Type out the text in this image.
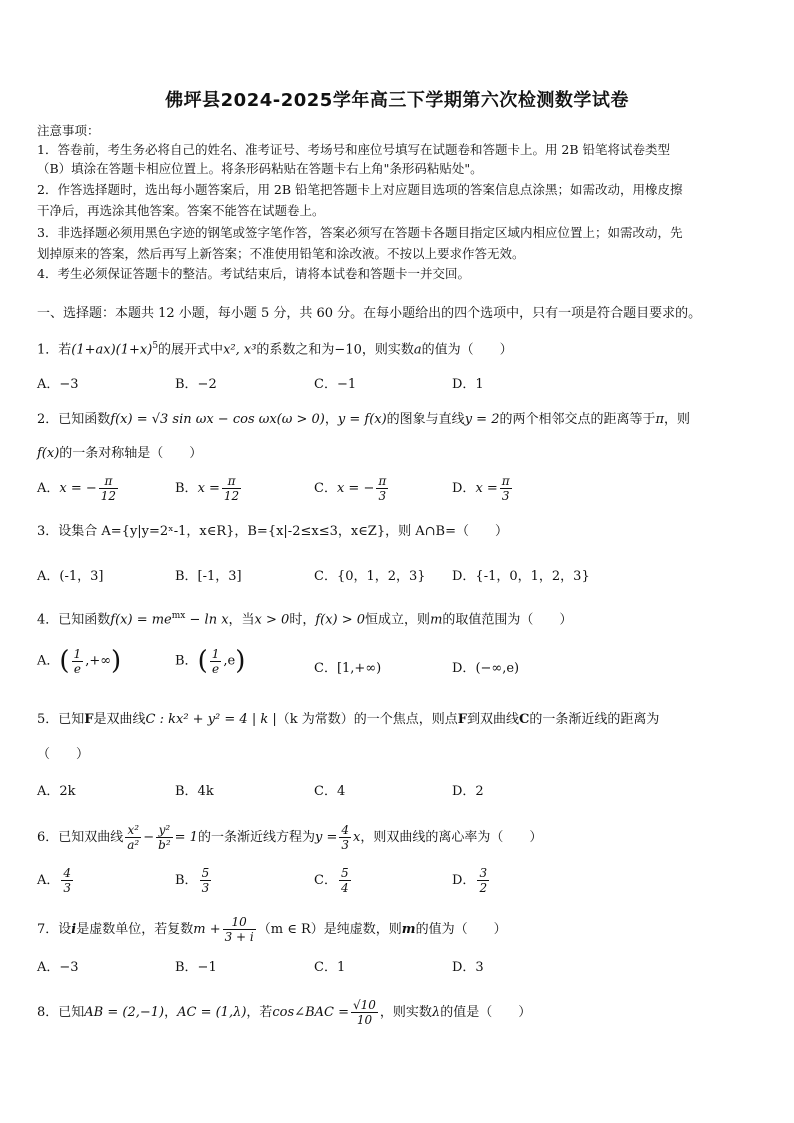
佛坪县2024-2025学年高三下学期第六次检测数学试卷
注意事项：
1．答卷前，考生务必将自己的姓名、准考证号、考场号和座位号填写在试题卷和答题卡上。用 2B 铅笔将试卷类型
（B）填涂在答题卡相应位置上。将条形码粘贴在答题卡右上角"条形码粘贴处"。
2．作答选择题时，选出每小题答案后，用 2B 铅笔把答题卡上对应题目选项的答案信息点涂黑；如需改动，用橡皮擦
干净后，再选涂其他答案。答案不能答在试题卷上。
3．非选择题必须用黑色字迹的钢笔或签字笔作答，答案必须写在答题卡各题目指定区域内相应位置上；如需改动，先
划掉原来的答案，然后再写上新答案；不准使用铅笔和涂改液。不按以上要求作答无效。
4．考生必须保证答题卡的整洁。考试结束后，请将本试卷和答题卡一并交回。
一、选择题：本题共 12 小题，每小题 5 分，共 60 分。在每小题给出的四个选项中，只有一项是符合题目要求的。
1．若$(1+ax)(1+x)^5$的展开式中x², x³的系数之和为−10，则实数a的值为（　　）
A．−3	B．−2	C．−1	D．1
2．已知函数f(x) = √3 sin ωx − cos ωx(ω > 0)，y = f(x)的图象与直线y = 2的两个相邻交点的距离等于π，则
f(x)的一条对称轴是（　　）
A．x = − $\frac{\pi}{12}$	B．$x = \frac{\pi}{12}$	C．x = − $\frac{\pi}{3}$	D．$x = \frac{\pi}{3}$
3．设集合 A={y|y=2ˣ-1，x∈R}，B={x|-2≤x≤3，x∈Z}，则 A∩B=（　　）
A．(-1，3]	B．[-1，3]	C．{0，1，2，3} D．{-1，0，1，2，3}
4．已知函数$f(x) = me^{mx} - \ln x$，当x > 0时，f(x) > 0恒成立，则m的取值范围为（　　）
A．( $\frac{1}{e}$ ,+∞)	B．( $\frac{1}{e} ,e$)	C．[1,+∞)	D．(−∞,e)
5．已知F是双曲线C : kx² + y² = 4 | k |（k 为常数）的一个焦点，则点F到双曲线C的一条渐近线的距离为
（　　）
A．2k	B．4k	C．4	D．2
6．已知双曲线 $\frac{\text{x²}}{\text{a²}} - \frac{\text{y²}}{\text{b²}} = 1$的一条渐近线方程为$y = \frac{4}{3}$ x，则双曲线的离心率为（　　）
A． $\frac{4}{3}$	B． $\frac{5}{3}$	C． $\frac{5}{4}$	D． $\frac{3}{2}$
7．设i是虚数单位，若复数$m + \frac{10}{3 + i} (m$ ∈ R）是纯虚数，则m的值为（　　）
A．−3	B．−1	C．1	D．3
8．已知AB = (2,−1)，AC = (1,λ)，若cos∠BAC = $\frac{√10}{10}$ ，则实数λ的值是（　　）
